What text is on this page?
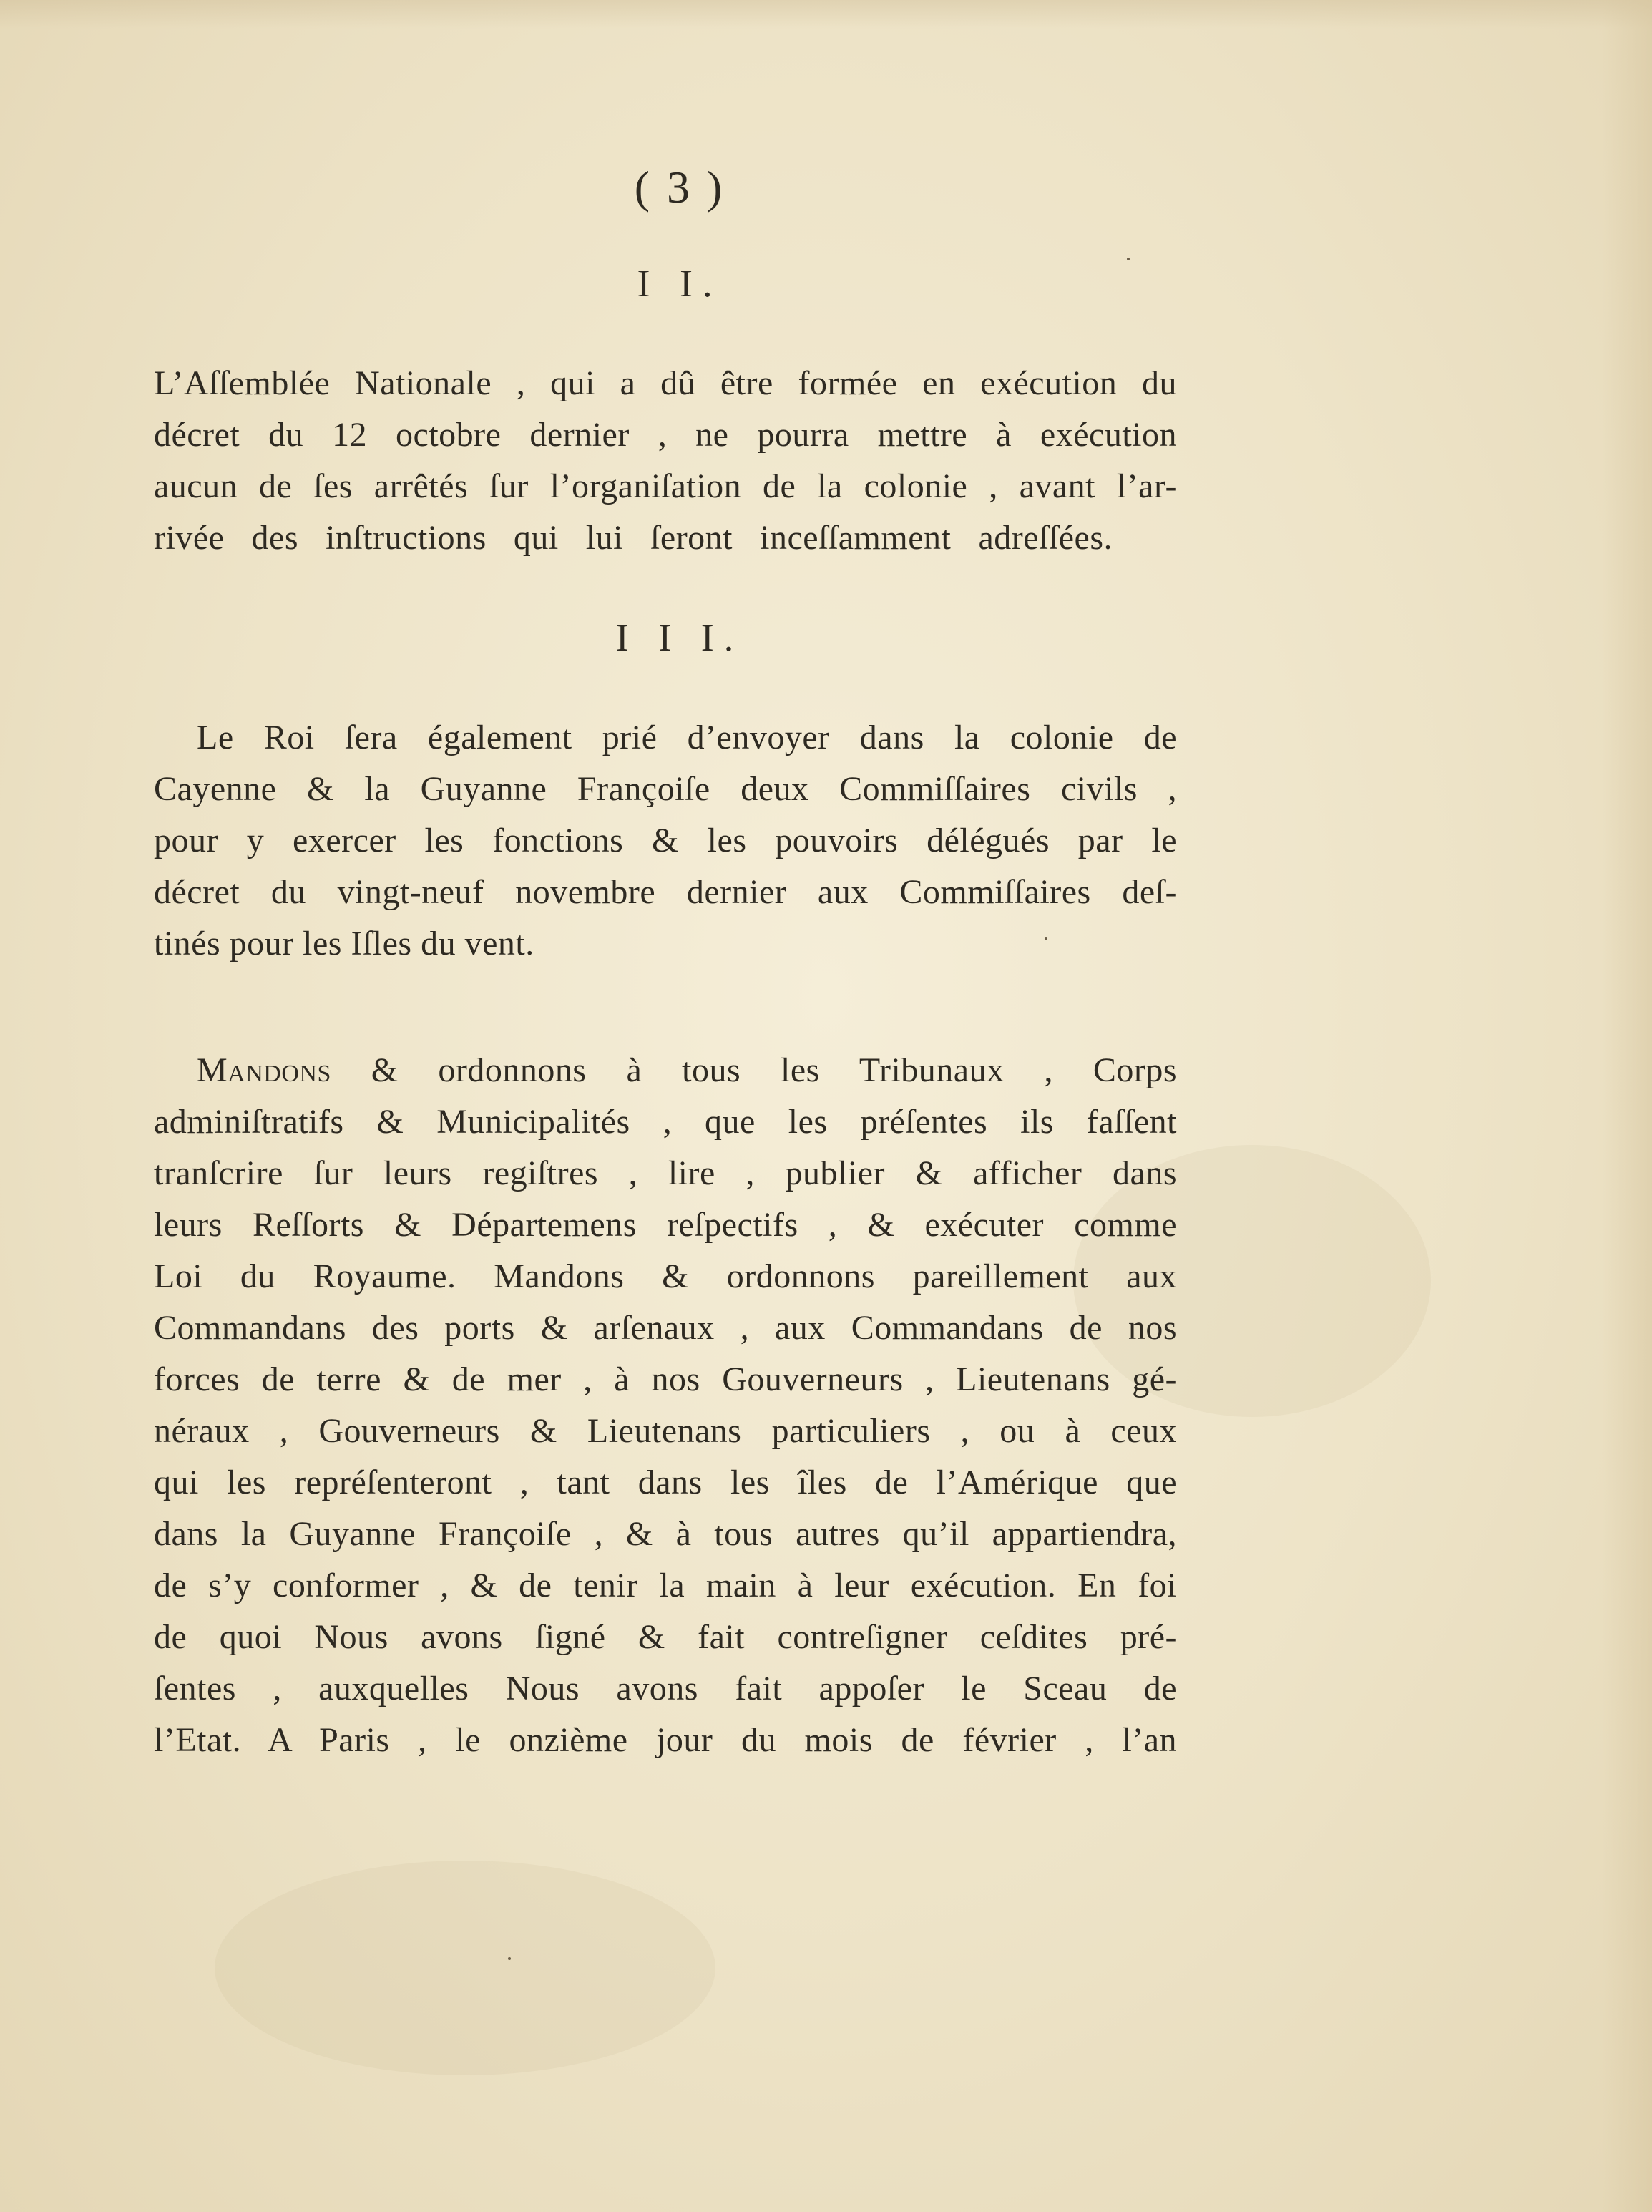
( 3 )
I I.
L’Aſſemblée Nationale , qui a dû être formée en exécution du
décret du 12 octobre dernier , ne pourra mettre à exécution
aucun de ſes arrêtés ſur l’organiſation de la colonie , avant l’ar-
rivée des inſtructions qui lui ſeront inceſſamment adreſſées.
I I I.
Le Roi ſera également prié d’envoyer dans la colonie de
Cayenne & la Guyanne Françoiſe deux Commiſſaires civils ,
pour y exercer les fonctions & les pouvoirs délégués par le
décret du vingt-neuf novembre dernier aux Commiſſaires deſ-
tinés pour les Iſles du vent.
Mandons & ordonnons à tous les Tribunaux , Corps
adminiſtratifs & Municipalités , que les préſentes ils faſſent
tranſcrire ſur leurs regiſtres , lire , publier & afficher dans
leurs Reſſorts & Départemens reſpectifs , & exécuter comme
Loi du Royaume. Mandons & ordonnons pareillement aux
Commandans des ports & arſenaux , aux Commandans de nos
forces de terre & de mer , à nos Gouverneurs , Lieutenans gé-
néraux , Gouverneurs & Lieutenans particuliers , ou à ceux
qui les repréſenteront , tant dans les îles de l’Amérique que
dans la Guyanne Françoiſe , & à tous autres qu’il appartiendra,
de s’y conformer , & de tenir la main à leur exécution. En foi
de quoi Nous avons ſigné & fait contreſigner ceſdites pré-
ſentes , auxquelles Nous avons fait appoſer le Sceau de
l’Etat. A Paris , le onzième jour du mois de février , l’an
